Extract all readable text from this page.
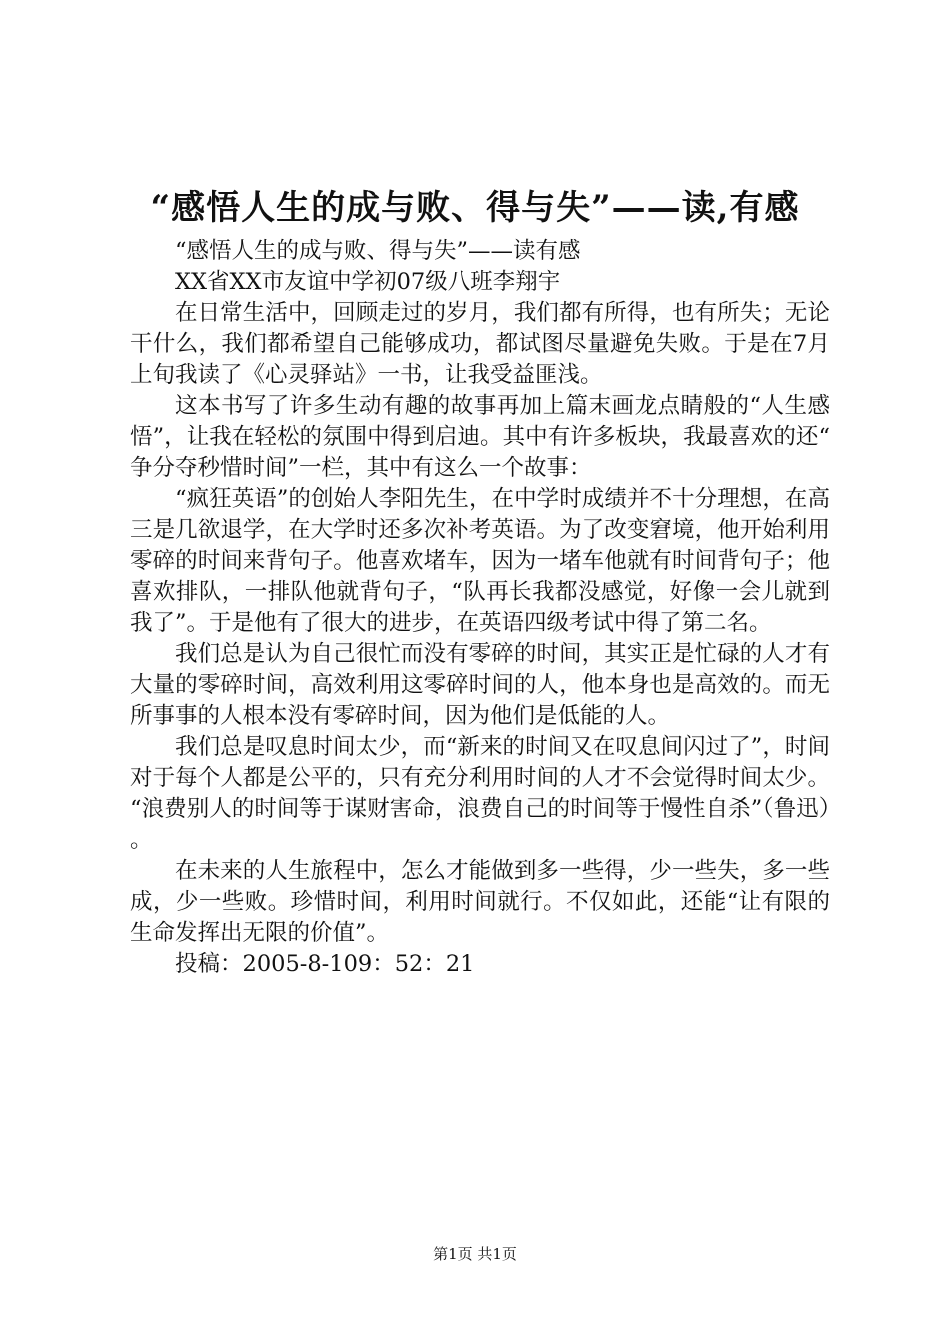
“感悟人生的成与败、得与失”——读,有感

“感悟人生的成与败、得与失”——读有感

XX省XX市友谊中学初07级八班李翔宇

在日常生活中，回顾走过的岁月，我们都有所得，也有所失；无论干什么，我们都希望自己能够成功，都试图尽量避免失败。于是在7月上旬我读了《心灵驿站》一书，让我受益匪浅。

这本书写了许多生动有趣的故事再加上篇末画龙点睛般的“人生感悟”，让我在轻松的氛围中得到启迪。其中有许多板块，我最喜欢的还“争分夺秒惜时间”一栏，其中有这么一个故事：

“疯狂英语”的创始人李阳先生，在中学时成绩并不十分理想，在高三是几欲退学，在大学时还多次补考英语。为了改变窘境，他开始利用零碎的时间来背句子。他喜欢堵车，因为一堵车他就有时间背句子；他喜欢排队，一排队他就背句子，“队再长我都没感觉，好像一会儿就到我了”。于是他有了很大的进步，在英语四级考试中得了第二名。

我们总是认为自己很忙而没有零碎的时间，其实正是忙碌的人才有大量的零碎时间，高效利用这零碎时间的人，他本身也是高效的。而无所事事的人根本没有零碎时间，因为他们是低能的人。

我们总是叹息时间太少，而“新来的时间又在叹息间闪过了”，时间对于每个人都是公平的，只有充分利用时间的人才不会觉得时间太少。“浪费别人的时间等于谋财害命，浪费自己的时间等于慢性自杀”（鲁迅）。

在未来的人生旅程中，怎么才能做到多一些得，少一些失，多一些成，少一些败。珍惜时间，利用时间就行。不仅如此，还能“让有限的生命发挥出无限的价值”。

投稿：2005-8-109：52：21

第1页 共1页
